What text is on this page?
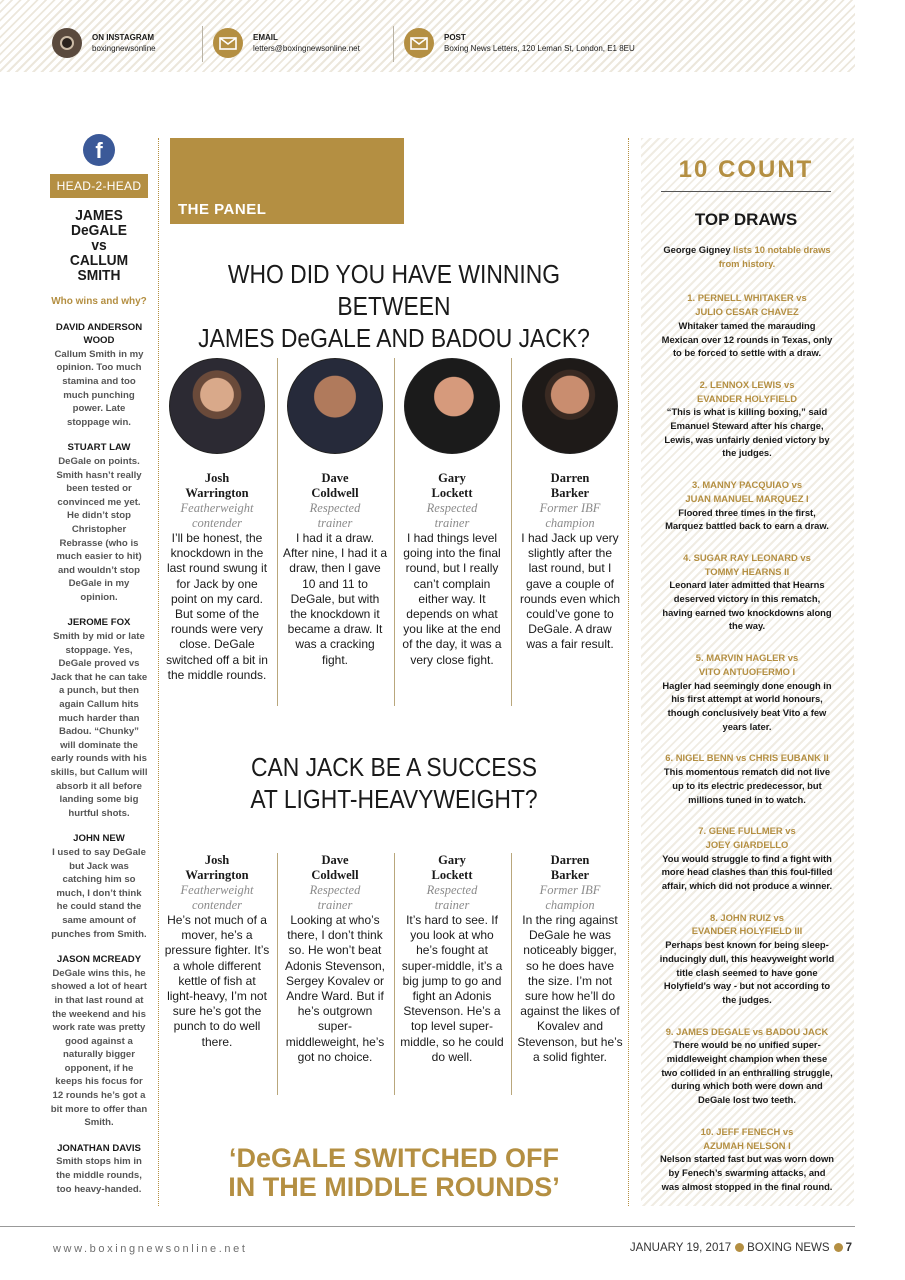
ON INSTAGRAM
boxingnewsonline
EMAIL
letters@boxingnewsonline.net
POST
Boxing News Letters, 120 Leman St, London, E1 8EU
f
HEAD-2-HEAD
JAMES
DeGALE
vs
CALLUM
SMITH
Who wins and why?
DAVID ANDERSON WOOD
Callum Smith in my opinion. Too much stamina and too much punching power. Late stoppage win.
STUART LAW
DeGale on points. Smith hasn’t really been tested or convinced me yet. He didn’t stop Christopher Rebrasse (who is much easier to hit) and wouldn’t stop DeGale in my opinion.
JEROME FOX
Smith by mid or late stoppage. Yes, DeGale proved vs Jack that he can take a punch, but then again Callum hits much harder than Badou. “Chunky” will dominate the early rounds with his skills, but Callum will absorb it all before landing some big hurtful shots.
JOHN NEW
I used to say DeGale but Jack was catching him so much, I don’t think he could stand the same amount of punches from Smith.
JASON MCREADY
DeGale wins this, he showed a lot of heart in that last round at the weekend and his work rate was pretty good against a naturally bigger opponent, if he keeps his focus for 12 rounds he’s got a bit more to offer than Smith.
JONATHAN DAVIS
Smith stops him in the middle rounds, too heavy-handed.
THE PANEL
WHO DID YOU HAVE WINNING BETWEEN
JAMES DeGALE AND BADOU JACK?
Josh
Warrington
Featherweight
contender
I’ll be honest, the knockdown in the last round swung it for Jack by one point on my card. But some of the rounds were very close. DeGale switched off a bit in the middle rounds.
Dave
Coldwell
Respected
trainer
I had it a draw. After nine, I had it a draw, then I gave 10 and 11 to DeGale, but with the knockdown it became a draw. It was a cracking fight.
Gary
Lockett
Respected
trainer
I had things level going into the final round, but I really can’t complain either way. It depends on what you like at the end of the day, it was a very close fight.
Darren
Barker
Former IBF
champion
I had Jack up very slightly after the last round, but I gave a couple of rounds even which could’ve gone to DeGale. A draw was a fair result.
CAN JACK BE A SUCCESS
AT LIGHT-HEAVYWEIGHT?
Josh
Warrington
Featherweight
contender
He’s not much of a mover, he’s a pressure fighter. It’s a whole different kettle of fish at light-heavy, I’m not sure he’s got the punch to do well there.
Dave
Coldwell
Respected
trainer
Looking at who’s there, I don’t think so. He won’t beat Adonis Stevenson, Sergey Kovalev or Andre Ward. But if he’s outgrown super-middleweight, he’s got no choice.
Gary
Lockett
Respected
trainer
It’s hard to see. If you look at who he’s fought at super-middle, it’s a big jump to go and fight an Adonis Stevenson. He’s a top level super-middle, so he could do well.
Darren
Barker
Former IBF
champion
In the ring against DeGale he was noticeably bigger, so he does have the size. I’m not sure how he’ll do against the likes of Kovalev and Stevenson, but he’s a solid fighter.
‘DeGALE SWITCHED OFF
IN THE MIDDLE ROUNDS’
10 COUNT
TOP DRAWS
George Gigney lists 10 notable draws from history.
1. PERNELL WHITAKER vs JULIO CESAR CHAVEZ
Whitaker tamed the marauding Mexican over 12 rounds in Texas, only to be forced to settle with a draw.
2. LENNOX LEWIS vs EVANDER HOLYFIELD
“This is what is killing boxing,” said Emanuel Steward after his charge, Lewis, was unfairly denied victory by the judges.
3. MANNY PACQUIAO vs JUAN MANUEL MARQUEZ I
Floored three times in the first, Marquez battled back to earn a draw.
4. SUGAR RAY LEONARD vs TOMMY HEARNS II
Leonard later admitted that Hearns deserved victory in this rematch, having earned two knockdowns along the way.
5. MARVIN HAGLER vs VITO ANTUOFERMO I
Hagler had seemingly done enough in his first attempt at world honours, though conclusively beat Vito a few years later.
6. NIGEL BENN vs CHRIS EUBANK II
This momentous rematch did not live up to its electric predecessor, but millions tuned in to watch.
7. GENE FULLMER vs JOEY GIARDELLO
You would struggle to find a fight with more head clashes than this foul-filled affair, which did not produce a winner.
8. JOHN RUIZ vs EVANDER HOLYFIELD III
Perhaps best known for being sleep-inducingly dull, this heavyweight world title clash seemed to have gone Holyfield’s way - but not according to the judges.
9. JAMES DEGALE vs BADOU JACK
There would be no unified super-middleweight champion when these two collided in an enthralling struggle, during which both were down and DeGale lost two teeth.
10. JEFF FENECH vs AZUMAH NELSON I
Nelson started fast but was worn down by Fenech’s swarming attacks, and was almost stopped in the final round.
www.boxingnewsonline.net	JANUARY 19, 2017 BOXING NEWS 7
